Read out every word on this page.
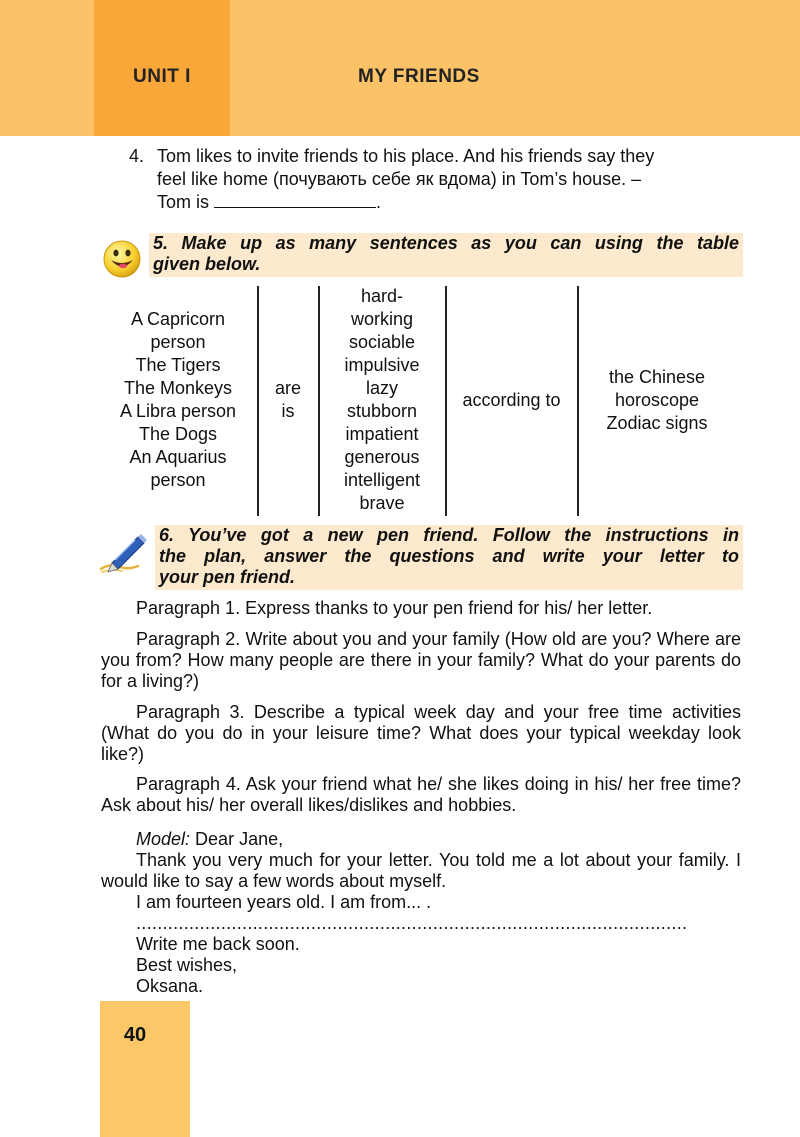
UNIT I	MY FRIENDS
4. Tom likes to invite friends to his place. And his friends say they
feel like home (почувають себе як вдома) in Tom’s house. –
Tom is	.
5. Make up as many sentences as you can using the table
given below.
A Capricorn
person
The Tigers
The Monkeys
A Libra person
The Dogs
An Aquarius
person
are
is
hard-
working
sociable
impulsive
lazy
stubborn
impatient
generous
intelligent
brave
according to
the Chinese
horoscope
Zodiac signs
6. You’ve got a new pen friend. Follow the instructions in
the plan, answer the questions and write your letter to
your pen friend.
Paragraph 1. Express thanks to your pen friend for his/ her letter.
Paragraph 2. Write about you and your family (How old are you? Where are you from? How many people are there in your family? What do your parents do for a living?)
Paragraph 3. Describe a typical week day and your free time activities (What do you do in your leisure time? What does your typical weekday look like?)
Paragraph 4. Ask your friend what he/ she likes doing in his/ her free time? Ask about his/ her overall likes/dislikes and hobbies.
Model: Dear Jane,
Thank you very much for your letter. You told me a lot about your family. I would like to say a few words about myself.
I am fourteen years old. I am from... .
........................................................................................................
Write me back soon.
Best wishes,
Oksana.
40
